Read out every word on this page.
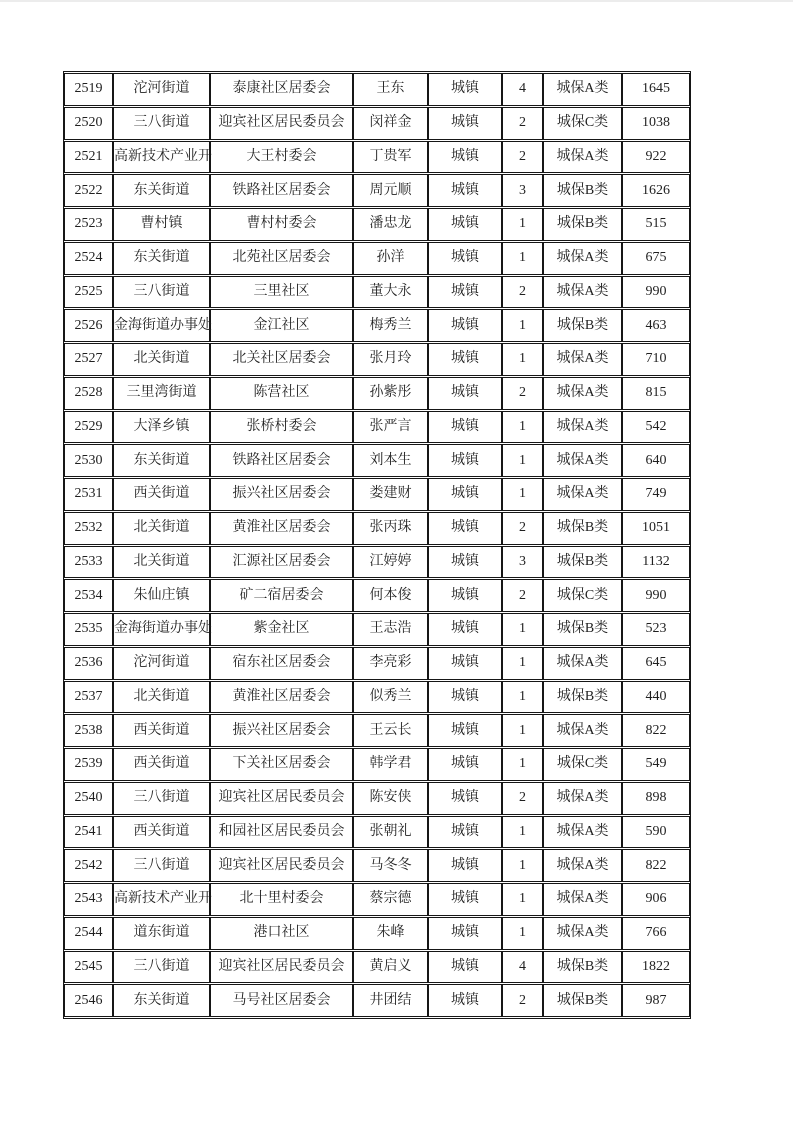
2519	沱河街道	泰康社区居委会	王东	城镇	4	城保A类	1645
2520	三八街道	迎宾社区居民委员会	闵祥金	城镇	2	城保C类	1038
2521	高新技术产业开	大王村委会	丁贵军	城镇	2	城保A类	922
2522	东关街道	铁路社区居委会	周元顺	城镇	3	城保B类	1626
2523	曹村镇	曹村村委会	潘忠龙	城镇	1	城保B类	515
2524	东关街道	北苑社区居委会	孙洋	城镇	1	城保A类	675
2525	三八街道	三里社区	董大永	城镇	2	城保A类	990
2526	金海街道办事处	金江社区	梅秀兰	城镇	1	城保B类	463
2527	北关街道	北关社区居委会	张月玲	城镇	1	城保A类	710
2528	三里湾街道	陈营社区	孙紫彤	城镇	2	城保A类	815
2529	大泽乡镇	张桥村委会	张严言	城镇	1	城保A类	542
2530	东关街道	铁路社区居委会	刘本生	城镇	1	城保A类	640
2531	西关街道	振兴社区居委会	娄建财	城镇	1	城保A类	749
2532	北关街道	黄淮社区居委会	张丙珠	城镇	2	城保B类	1051
2533	北关街道	汇源社区居委会	江婷婷	城镇	3	城保B类	1132
2534	朱仙庄镇	矿二宿居委会	何本俊	城镇	2	城保C类	990
2535	金海街道办事处	紫金社区	王志浩	城镇	1	城保B类	523
2536	沱河街道	宿东社区居委会	李亮彩	城镇	1	城保A类	645
2537	北关街道	黄淮社区居委会	似秀兰	城镇	1	城保B类	440
2538	西关街道	振兴社区居委会	王云长	城镇	1	城保A类	822
2539	西关街道	下关社区居委会	韩学君	城镇	1	城保C类	549
2540	三八街道	迎宾社区居民委员会	陈安侠	城镇	2	城保A类	898
2541	西关街道	和园社区居民委员会	张朝礼	城镇	1	城保A类	590
2542	三八街道	迎宾社区居民委员会	马冬冬	城镇	1	城保A类	822
2543	高新技术产业开	北十里村委会	蔡宗德	城镇	1	城保A类	906
2544	道东街道	港口社区	朱峰	城镇	1	城保A类	766
2545	三八街道	迎宾社区居民委员会	黄启义	城镇	4	城保B类	1822
2546	东关街道	马号社区居委会	井团结	城镇	2	城保B类	987
